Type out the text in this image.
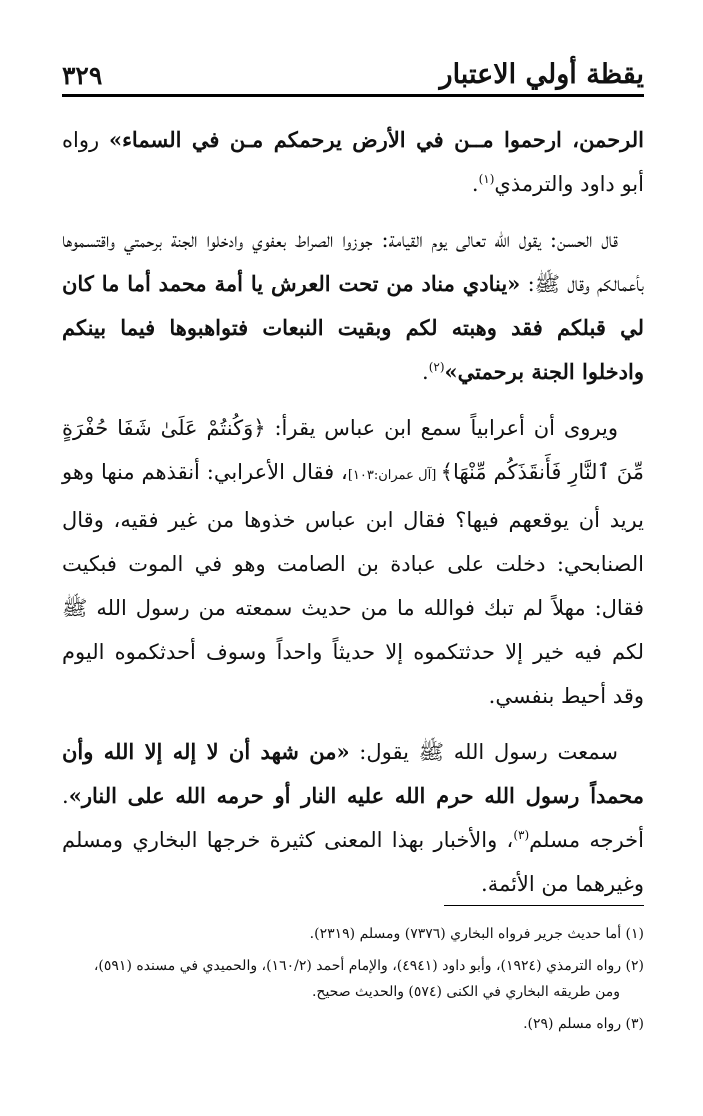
٣٢٩	يقظة أولي الاعتبار

الرحمن، ارحموا مــن في الأرض يرحمكم مـن في السماء» رواه أبو داود والترمذي$^{(١)}$.

قال الحسن: يقول الله تعالى يوم القيامة: جوزوا الصراط بعفوي وادخلوا الجنة برحمتي واقتسموها بأعمالكم وقال ﷺ: «ينادي مناد من تحت العرش يا أمة محمد أما ما كان لي قبلكم فقد وهبته لكم وبقيت النبعات فتواهبوها فيما بينكم وادخلوا الجنة برحمتي»$^{(٢)}$.

ويروى أن أعرابياً سمع ابن عباس يقرأ: ﴿وَكُنتُمْ عَلَىٰ شَفَا حُفْرَةٍ مِّنَ ٱلنَّارِ فَأَنقَذَكُم مِّنْهَا﴾ [آل عمران:١٠٣]، فقال الأعرابي: أنقذهم منها وهو يريد أن يوقعهم فيها؟ فقال ابن عباس خذوها من غير فقيه، وقال الصنابحي: دخلت على عبادة بن الصامت وهو في الموت فبكيت فقال: مهلاً لم تبك فوالله ما من حديث سمعته من رسول الله ﷺ لكم فيه خير إلا حدثتكموه إلا حديثاً واحداً وسوف أحدثكموه اليوم وقد أحيط بنفسي.

سمعت رسول الله ﷺ يقول: «من شهد أن لا إله إلا الله وأن محمداً رسول الله حرم الله عليه النار أو حرمه الله على النار». أخرجه مسلم$^{(٣)}$، والأخبار بهذا المعنى كثيرة خرجها البخاري ومسلم وغيرهما من الأئمة.

(١) أما حديث جرير فرواه البخاري (٧٣٧٦) ومسلم (٢٣١٩).

(٢) رواه الترمذي (١٩٢٤)، وأبو داود (٤٩٤١)، والإمام أحمد (١٦٠/٢)، والحميدي في مسنده (٥٩١)،

ومن طريقه البخاري في الكنى (٥٧٤) والحديث صحيح.

(٣) رواه مسلم (٢٩).
